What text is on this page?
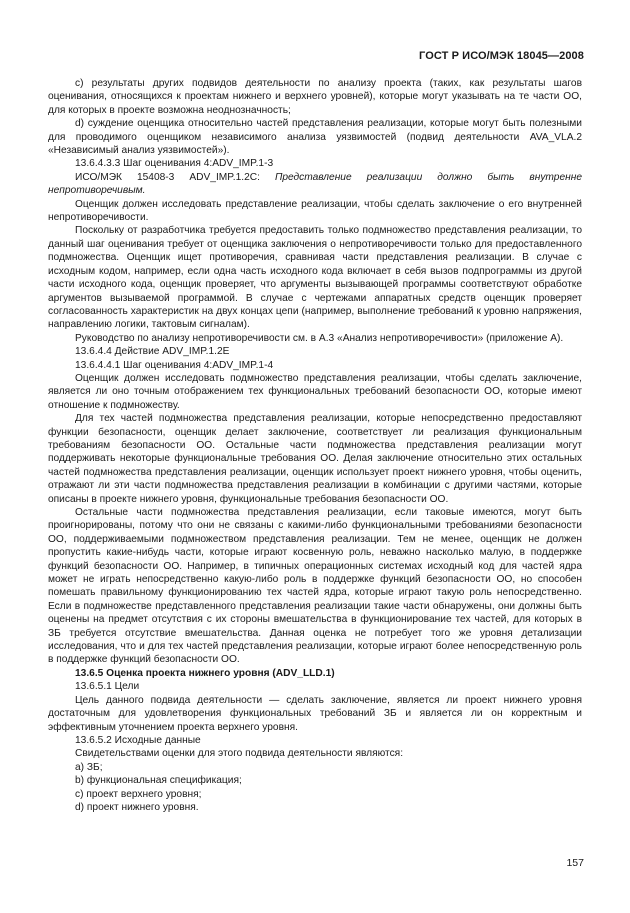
ГОСТ Р ИСО/МЭК 18045—2008

с) результаты других подвидов деятельности по анализу проекта (таких, как результаты шагов оценивания, относящихся к проектам нижнего и верхнего уровней), которые могут указывать на те части ОО, для которых в проекте возможна неоднозначность;

d) суждение оценщика относительно частей представления реализации, которые могут быть полезными для проводимого оценщиком независимого анализа уязвимостей (подвид деятельности AVA_VLA.2 «Независимый анализ уязвимостей»).

13.6.4.3.3 Шаг оценивания 4:ADV_IMP.1-3

ИСО/МЭК 15408-3 ADV_IMP.1.2C: Представление реализации должно быть внутренне непротиворечивым.

Оценщик должен исследовать представление реализации, чтобы сделать заключение о его внутренней непротиворечивости.

Поскольку от разработчика требуется предоставить только подмножество представления реализации, то данный шаг оценивания требует от оценщика заключения о непротиворечивости только для предоставленного подмножества. Оценщик ищет противоречия, сравнивая части представления реализации. В случае с исходным кодом, например, если одна часть исходного кода включает в себя вызов подпрограммы из другой части исходного кода, оценщик проверяет, что аргументы вызывающей программы соответствуют обработке аргументов вызываемой программой. В случае с чертежами аппаратных средств оценщик проверяет согласованность характеристик на двух концах цепи (например, выполнение требований к уровню напряжения, направлению логики, тактовым сигналам).

Руководство по анализу непротиворечивости см. в А.3 «Анализ непротиворечивости» (приложение А).

13.6.4.4 Действие ADV_IMP.1.2E

13.6.4.4.1 Шаг оценивания 4:ADV_IMP.1-4

Оценщик должен исследовать подмножество представления реализации, чтобы сделать заключение, является ли оно точным отображением тех функциональных требований безопасности ОО, которые имеют отношение к подмножеству.

Для тех частей подмножества представления реализации, которые непосредственно предоставляют функции безопасности, оценщик делает заключение, соответствует ли реализация функциональным требованиям безопасности ОО. Остальные части подмножества представления реализации могут поддерживать некоторые функциональные требования ОО. Делая заключение относительно этих остальных частей подмножества представления реализации, оценщик использует проект нижнего уровня, чтобы оценить, отражают ли эти части подмножества представления реализации в комбинации с другими частями, которые описаны в проекте нижнего уровня, функциональные требования безопасности ОО.

Остальные части подмножества представления реализации, если таковые имеются, могут быть проигнорированы, потому что они не связаны с какими-либо функциональными требованиями безопасности ОО, поддерживаемыми подмножеством представления реализации. Тем не менее, оценщик не должен пропустить какие-нибудь части, которые играют косвенную роль, неважно насколько малую, в поддержке функций безопасности ОО. Например, в типичных операционных системах исходный код для частей ядра может не играть непосредственно какую-либо роль в поддержке функций безопасности ОО, но способен помешать правильному функционированию тех частей ядра, которые играют такую роль непосредственно. Если в подмножестве представленного представления реализации такие части обнаружены, они должны быть оценены на предмет отсутствия с их стороны вмешательства в функционирование тех частей, для которых в ЗБ требуется отсутствие вмешательства. Данная оценка не потребует того же уровня детализации исследования, что и для тех частей представления реализации, которые играют более непосредственную роль в поддержке функций безопасности ОО.

13.6.5 Оценка проекта нижнего уровня (ADV_LLD.1)

13.6.5.1 Цели

Цель данного подвида деятельности — сделать заключение, является ли проект нижнего уровня достаточным для удовлетворения функциональных требований ЗБ и является ли он корректным и эффективным уточнением проекта верхнего уровня.

13.6.5.2 Исходные данные

Свидетельствами оценки для этого подвида деятельности являются:

а) ЗБ;

b) функциональная спецификация;

с) проект верхнего уровня;

d) проект нижнего уровня.

157
